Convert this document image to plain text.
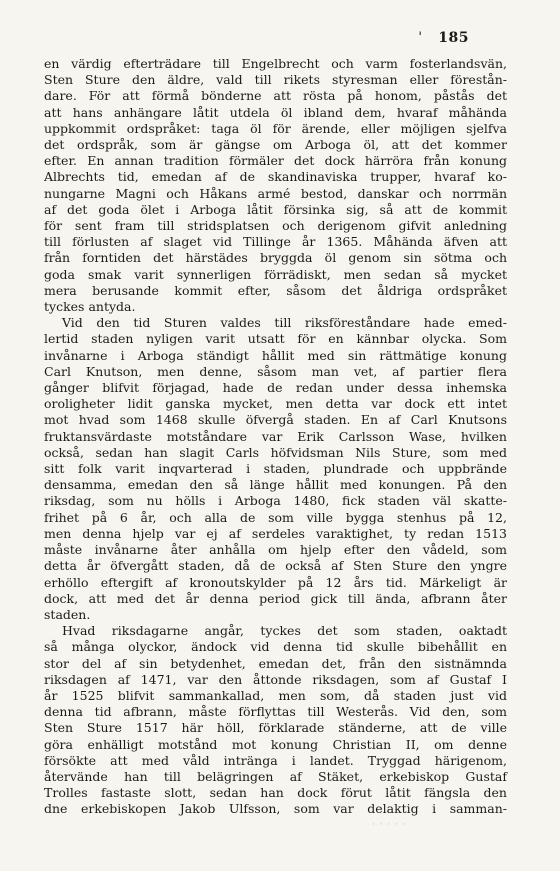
' 185
en värdig efterträdare till Engelbrecht och varm fosterlandsvän,
Sten Sture den äldre, vald till rikets styresman eller förestån-
dare. För att förmå bönderne att rösta på honom, påstås det
att hans anhängare låtit utdela öl ibland dem, hvaraf måhända
uppkommit ordspråket: taga öl för ärende, eller möjligen sjelfva
det ordspråk, som är gängse om Arboga öl, att det kommer
efter. En annan tradition förmäler det dock härröra från konung
Albrechts tid, emedan af de skandinaviska trupper, hvaraf ko-
nungarne Magni och Håkans armé bestod, danskar och norrmän
af det goda ölet i Arboga låtit försinka sig, så att de kommit
för sent fram till stridsplatsen och derigenom gifvit anledning
till förlusten af slaget vid Tillinge år 1365. Måhända äfven att
från forntiden det härstädes bryggda öl genom sin sötma och
goda smak varit synnerligen förrädiskt, men sedan så mycket
mera berusande kommit efter, såsom det åldriga ordspråket
tyckes antyda.
Vid den tid Sturen valdes till riksföreståndare hade emed-
lertid staden nyligen varit utsatt för en kännbar olycka. Som
invånarne i Arboga ständigt hållit med sin rättmätige konung
Carl Knutson, men denne, såsom man vet, af partier flera
gånger blifvit förjagad, hade de redan under dessa inhemska
oroligheter lidit ganska mycket, men detta var dock ett intet
mot hvad som 1468 skulle öfvergå staden. En af Carl Knutsons
fruktansvärdaste motståndare var Erik Carlsson Wase, hvilken
också, sedan han slagit Carls höfvidsman Nils Sture, som med
sitt folk varit inqvarterad i staden, plundrade och uppbrände
densamma, emedan den så länge hållit med konungen. På den
riksdag, som nu hölls i Arboga 1480, fick staden väl skatte-
frihet på 6 år, och alla de som ville bygga stenhus på 12,
men denna hjelp var ej af serdeles varaktighet, ty redan 1513
måste invånarne åter anhålla om hjelp efter den vådeld, som
detta år öfvergått staden, då de också af Sten Sture den yngre
erhöllo eftergift af kronoutskylder på 12 års tid. Märkeligt är
dock, att med det år denna period gick till ända, afbrann åter
staden.
Hvad riksdagarne angår, tyckes det som staden, oaktadt
så många olyckor, ändock vid denna tid skulle bibehållit en
stor del af sin betydenhet, emedan det, från den sistnämnda
riksdagen af 1471, var den åttonde riksdagen, som af Gustaf I
år 1525 blifvit sammankallad, men som, då staden just vid
denna tid afbrann, måste förflyttas till Westerås. Vid den, som
Sten Sture 1517 här höll, förklarade ständerne, att de ville
göra enhälligt motstånd mot konung Christian II, om denne
försökte att med våld intränga i landet. Tryggad härigenom,
återvände han till belägringen af Stäket, erkebiskop Gustaf
Trolles fastaste slott, sedan han dock förut låtit fängsla den
dne erkebiskopen Jakob Ulfsson, som var delaktig i samman-
· · · · ·
